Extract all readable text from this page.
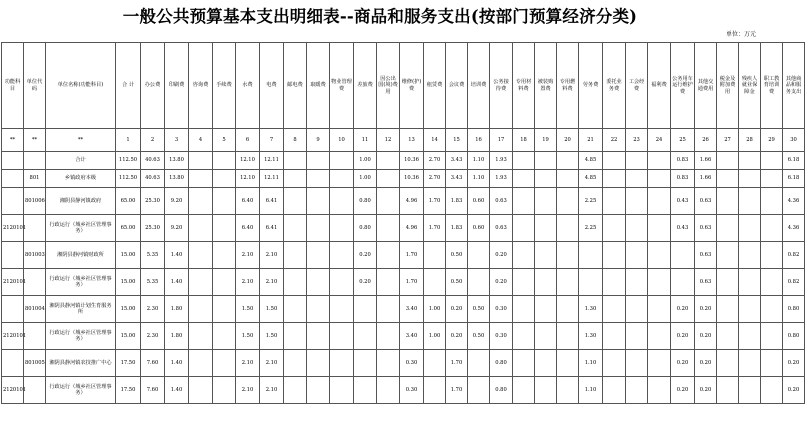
一般公共预算基本支出明细表--商品和服务支出(按部门预算经济分类)
单位：万元
功能科目	单位代码	单位名称(功能科目)	合 计	办公费	印刷费	咨询费	手续费	水费	电费	邮电费	取暖费	物业管理费	差旅费	因公出国(境)费用	维修(护)费	租赁费	会议费	培训费	公务接待费	专用材料费	被装购置费	专用燃料费	劳务费	委托业务费	工会经费	福利费	公务用车运行维护费	其他交通费用	税金及附加费用	残疾人就业保障金	职工教育培训费	其他商品和服务支出
**	**	**	1	2	3	4	5	6	7	8	9	10	11	12	13	14	15	16	17	18	19	20	21	22	23	24	25	26	27	28	29	30
		合计	112.50	40.63	13.80			12.10	12.11				1.00		10.36	2.70	3.43	1.10	1.93				4.85				0.83	1.66				6.18
	801	乡镇政府本级	112.50	40.63	13.80			12.10	12.11				1.00		10.36	2.70	3.43	1.10	1.93				4.85				0.83	1.66				6.18
	801006	湘阴县静河镇政府	65.00	25.30	9.20			6.40	6.41				0.80		4.96	1.70	1.83	0.60	0.63				2.25				0.43	0.63				4.36
2120101		行政运行（城乡社区管理事务）	65.00	25.30	9.20			6.40	6.41				0.80		4.96	1.70	1.83	0.60	0.63				2.25				0.43	0.63				4.36
	801003	湘阴县静河镇财政所	15.00	5.35	1.40			2.10	2.10				0.20		1.70		0.50		0.20									0.63				0.82
2120101		行政运行（城乡社区管理事务）	15.00	5.35	1.40			2.10	2.10				0.20		1.70		0.50		0.20									0.63				0.82
	801004	湘阴县静河镇计划生育服务所	15.00	2.30	1.80			1.50	1.50						3.40	1.00	0.20	0.50	0.30				1.30				0.20	0.20				0.80
2120101		行政运行（城乡社区管理事务）	15.00	2.30	1.80			1.50	1.50						3.40	1.00	0.20	0.50	0.30				1.30				0.20	0.20				0.80
	801005	湘阴县静河镇农技推广中心	17.50	7.60	1.40			2.10	2.10						0.30		1.70		0.80				1.10				0.20	0.20				0.20
2120101		行政运行（城乡社区管理事务）	17.50	7.60	1.40			2.10	2.10						0.30		1.70		0.80				1.10				0.20	0.20				0.20
